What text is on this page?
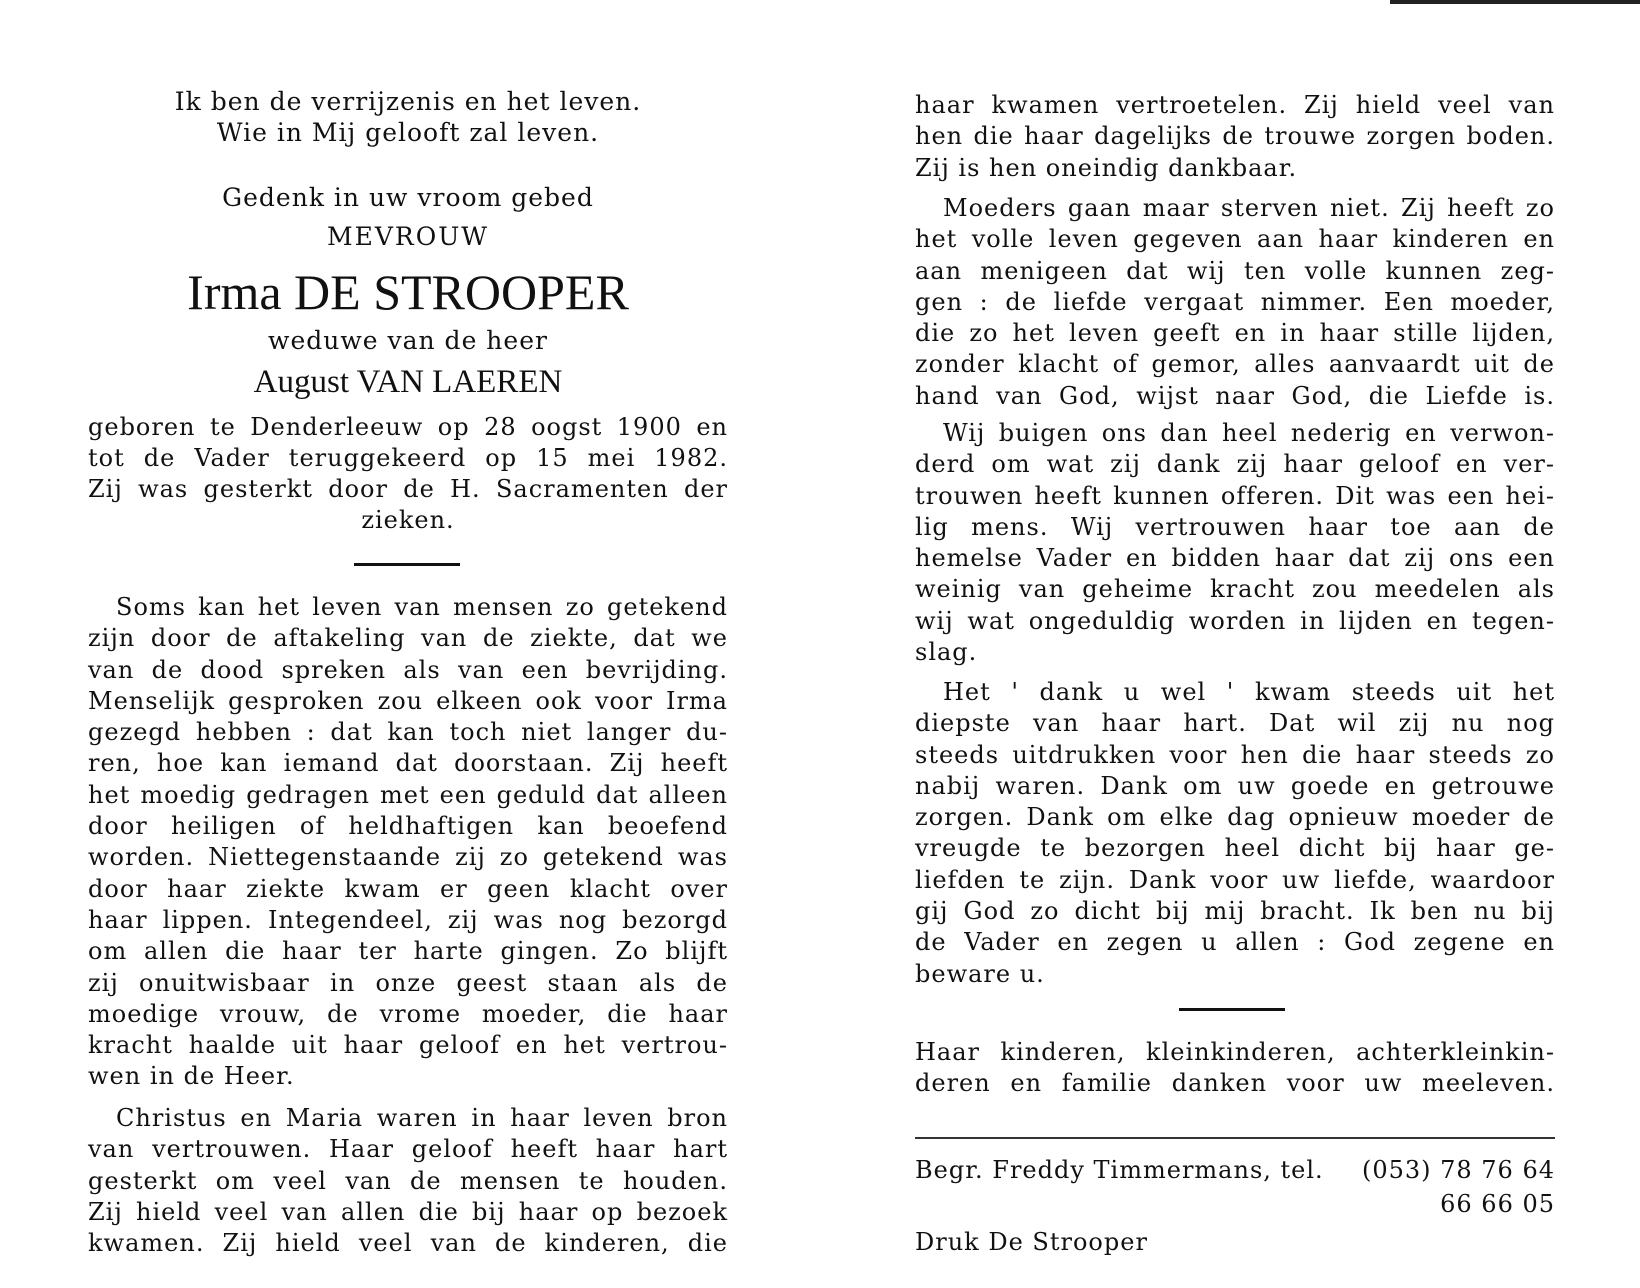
Ik ben de verrijzenis en het leven.
Wie in Mij gelooft zal leven.
Gedenk in uw vroom gebed
MEVROUW
Irma DE STROOPER
weduwe van de heer
August VAN LAEREN
geboren te Denderleeuw op 28 oogst 1900 en
tot de Vader teruggekeerd op 15 mei 1982.
Zij was gesterkt door de H. Sacramenten der
zieken.
Soms kan het leven van mensen zo getekend
zijn door de aftakeling van de ziekte, dat we
van de dood spreken als van een bevrijding.
Menselijk gesproken zou elkeen ook voor Irma
gezegd hebben : dat kan toch niet langer du-
ren, hoe kan iemand dat doorstaan. Zij heeft
het moedig gedragen met een geduld dat alleen
door heiligen of heldhaftigen kan beoefend
worden. Niettegenstaande zij zo getekend was
door haar ziekte kwam er geen klacht over
haar lippen. Integendeel, zij was nog bezorgd
om allen die haar ter harte gingen. Zo blijft
zij onuitwisbaar in onze geest staan als de
moedige vrouw, de vrome moeder, die haar
kracht haalde uit haar geloof en het vertrou-
wen in de Heer.
Christus en Maria waren in haar leven bron
van vertrouwen. Haar geloof heeft haar hart
gesterkt om veel van de mensen te houden.
Zij hield veel van allen die bij haar op bezoek
kwamen. Zij hield veel van de kinderen, die
haar kwamen vertroetelen. Zij hield veel van
hen die haar dagelijks de trouwe zorgen boden.
Zij is hen oneindig dankbaar.
Moeders gaan maar sterven niet. Zij heeft zo
het volle leven gegeven aan haar kinderen en
aan menigeen dat wij ten volle kunnen zeg-
gen : de liefde vergaat nimmer. Een moeder,
die zo het leven geeft en in haar stille lijden,
zonder klacht of gemor, alles aanvaardt uit de
hand van God, wijst naar God, die Liefde is.
Wij buigen ons dan heel nederig en verwon-
derd om wat zij dank zij haar geloof en ver-
trouwen heeft kunnen offeren. Dit was een hei-
lig mens. Wij vertrouwen haar toe aan de
hemelse Vader en bidden haar dat zij ons een
weinig van geheime kracht zou meedelen als
wij wat ongeduldig worden in lijden en tegen-
slag.
Het ' dank u wel ' kwam steeds uit het
diepste van haar hart. Dat wil zij nu nog
steeds uitdrukken voor hen die haar steeds zo
nabij waren. Dank om uw goede en getrouwe
zorgen. Dank om elke dag opnieuw moeder de
vreugde te bezorgen heel dicht bij haar ge-
liefden te zijn. Dank voor uw liefde, waardoor
gij God zo dicht bij mij bracht. Ik ben nu bij
de Vader en zegen u allen : God zegene en
beware u.
Haar kinderen, kleinkinderen, achterkleinkin-
deren en familie danken voor uw meeleven.
Begr. Freddy Timmermans, tel. (053) 78 76 64
66 66 05
Druk De Strooper
